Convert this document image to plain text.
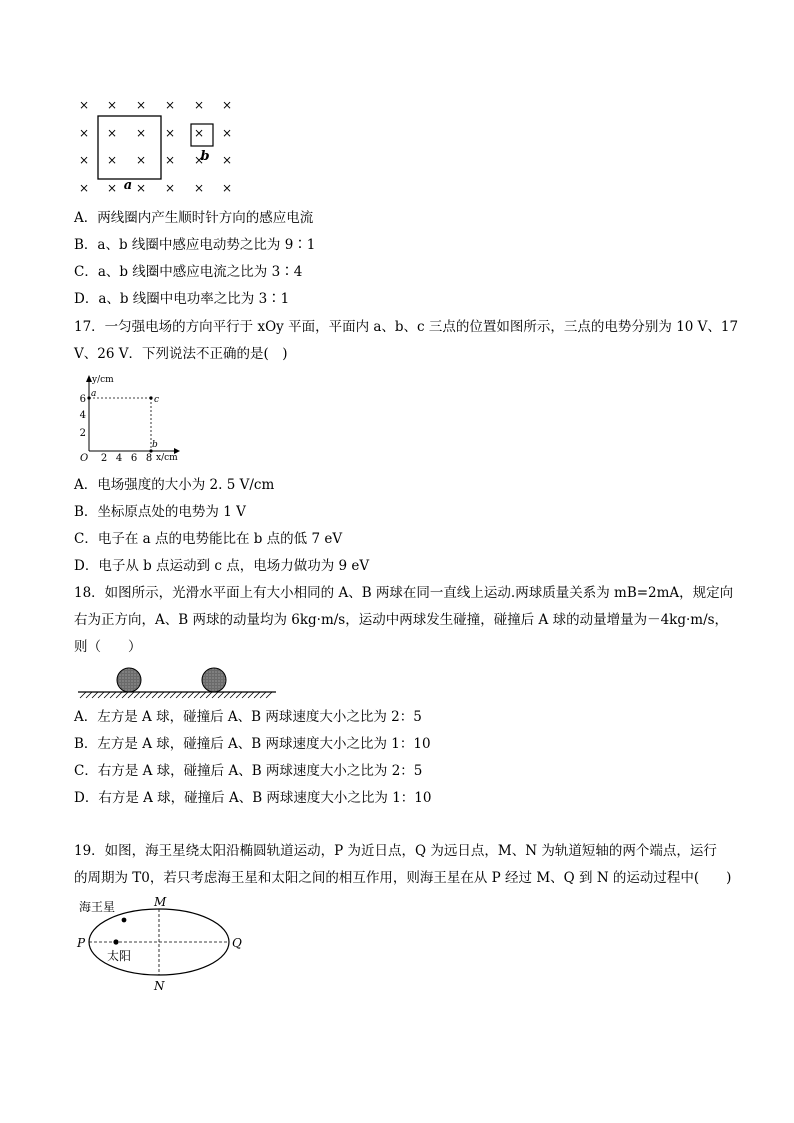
× × × × × ×
× × × × × ×
× × × × × ×
× × × × × ×
a
b
A．两线圈内产生顺时针方向的感应电流
B．a、b 线圈中感应电动势之比为 9∶1
C．a、b 线圈中感应电流之比为 3∶4
D．a、b 线圈中电功率之比为 3∶1
17．一匀强电场的方向平行于 xOy 平面，平面内 a、b、c 三点的位置如图所示，三点的电势分别为 10 V、17
V、26 V．下列说法不正确的是(　)
y/cm
x/cm
O 2 4 6 8
2
4
6 a
c
b
A．电场强度的大小为 2. 5 V/cm
B．坐标原点处的电势为 1 V
C．电子在 a 点的电势能比在 b 点的低 7 eV
D．电子从 b 点运动到 c 点，电场力做功为 9 eV
18．如图所示，光滑水平面上有大小相同的 A、B 两球在同一直线上运动.两球质量关系为 mB=2mA，规定向
右为正方向，A、B 两球的动量均为 6kg·m/s，运动中两球发生碰撞，碰撞后 A 球的动量增量为－4kg·m/s，
则（　　）
A．左方是 A 球，碰撞后 A、B 两球速度大小之比为 2：5
B．左方是 A 球，碰撞后 A、B 两球速度大小之比为 1：10
C．右方是 A 球，碰撞后 A、B 两球速度大小之比为 2：5
D．右方是 A 球，碰撞后 A、B 两球速度大小之比为 1：10
19．如图，海王星绕太阳沿椭圆轨道运动，P 为近日点，Q 为远日点，M、N 为轨道短轴的两个端点，运行
的周期为 T0，若只考虑海王星和太阳之间的相互作用，则海王星在从 P 经过 M、Q 到 N 的运动过程中(　　)
海王星
太阳
P	Q
M
N
